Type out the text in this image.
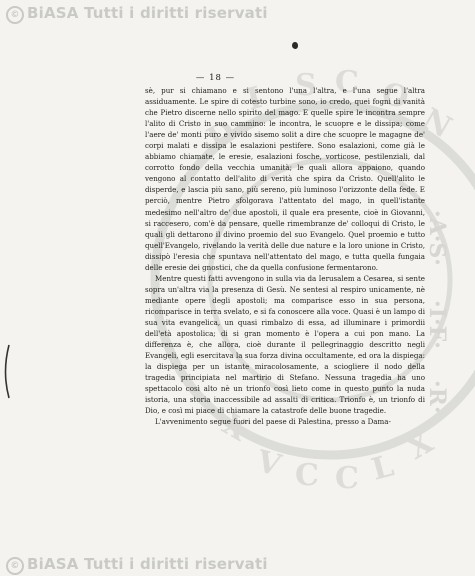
© BiASA Tutti i diritti riservati
D
I S C O
N
X
V C C L
X
·A·S·
·I·F·
·R·
— 18 —

sè, pur si chiamano e si sentono l'una l'altra, e l'una segue l'altra assiduamente. Le spire di cotesto turbine sono, io credo, quei fogni di vanità che Pietro discerne nello spirito del mago. E quelle spire le incontra sempre l'alito di Cristo in suo cammino: le incontra, le scuopre e le dissipa; come l'aere de' monti puro e vivido sisemo solit a dire che scuopre le magagne de' corpi malati e dissipa le esalazioni pestifere. Sono esalazioni, come già le abbiamo chiamate, le eresie, esalazioni fosche, vorticose, pestilenziali, dal corrotto fondo della vecchia umanità; le quali allora appaiono, quando vengono al contatto dell'alito di verità che spira da Cristo. Quell'alito le disperde, e lascia più sano, più sereno, più luminoso l'orizzonte della fede. E perciò, mentre Pietro sfolgorava l'attentato del mago, in quell'istante medesimo nell'altro de' due apostoli, il quale era presente, cioè in Giovanni, si raccesero, com'è da pensare, quelle rimembranze de' colloqui di Cristo, le quali gli dettarono il divino proemio del suo Evangelo. Quel proemio e tutto quell'Evangelo, rivelando la verità delle due nature e la loro unione in Cristo, dissipò l'eresia che spuntava nell'attentato del mago, e tutta quella fungaia delle eresie dei gnostici, che da quella confusione fermentarono.

Mentre questi fatti avvengono in sulla via da Ierusalem a Cesarea, si sente sopra un'altra via la presenza di Gesù. Ne sentesi al respiro unicamente, nè mediante opere degli apostoli; ma comparisce esso in sua persona, ricomparisce in terra svelato, e si fa conoscere alla voce. Quasi è un lampo di sua vita evangelica, un quasi rimbalzo di essa, ad illuminare i primordii dell'età apostolica; di si gran momento è l'opera a cui pon mano. La differenza è, che allora, cioè durante il pellegrinaggio descritto negli Evangeli, egli esercitava la sua forza divina occultamente, ed ora la dispiega: la dispiega per un istante miracolosamente, a sciogliere il nodo della tragedia principiata nel martirio di Stefano. Nessuna tragedia ha uno spettacolo così alto nè un trionfo così lieto come in questo punto la nuda istoria, una storia inaccessibile ad assalti di critica. Trionfo è, un trionfo di Dio, e così mi piace di chiamare la catastrofe delle buone tragedie.

L'avvenimento segue fuori del paese di Palestina, presso a Dama-

© BiASA Tutti i diritti riservati
